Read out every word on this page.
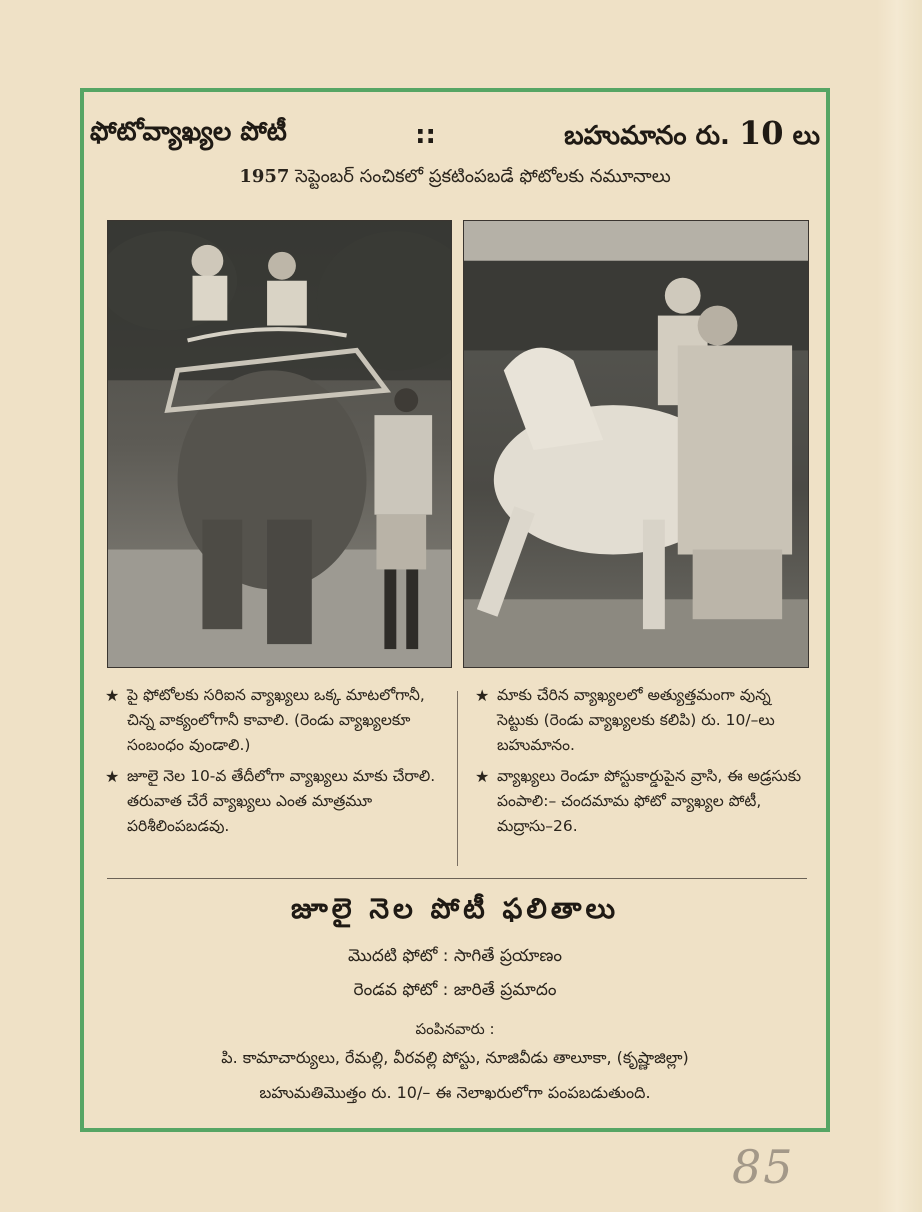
ఫోటోవ్యాఖ్యల పోటీ	::	బహుమానం రు. 10 లు
1957 సెప్టెంబర్ సంచికలో ప్రకటింపబడే ఫోటోలకు నమూనాలు
★ పై ఫోటోలకు సరిఐన వ్యాఖ్యలు ఒక్క మాటలోగానీ, చిన్న వాక్యంలోగానీ కావాలి. (రెండు వ్యాఖ్యలకూ సంబంధం వుండాలి.)
★ జూలై నెల 10-వ తేదీలోగా వ్యాఖ్యలు మాకు చేరాలి. తరువాత చేరే వ్యాఖ్యలు ఎంత మాత్రమూ పరిశీలింపబడవు.
★ మాకు చేరిన వ్యాఖ్యలలో అత్యుత్తమంగా వున్న సెట్టుకు (రెండు వ్యాఖ్యలకు కలిపి) రు. 10/–లు బహుమానం.
★ వ్యాఖ్యలు రెండూ పోస్టుకార్డుపైన వ్రాసి, ఈ అడ్రసుకు పంపాలి:– చందమామ ఫోటో వ్యాఖ్యల పోటీ, మద్రాసు–26.
జూలై నెల పోటీ ఫలితాలు
మొదటి ఫోటో : సాగితే ప్రయాణం
రెండవ ఫోటో : జారితే ప్రమాదం
పంపినవారు :
పి. కామాచార్యులు, రేమల్లి, వీరవల్లి పోస్టు, నూజివీడు తాలూకా, (కృష్ణాజిల్లా)
బహుమతిమొత్తం రు. 10/– ఈ నెలాఖరులోగా పంపబడుతుంది.
85
